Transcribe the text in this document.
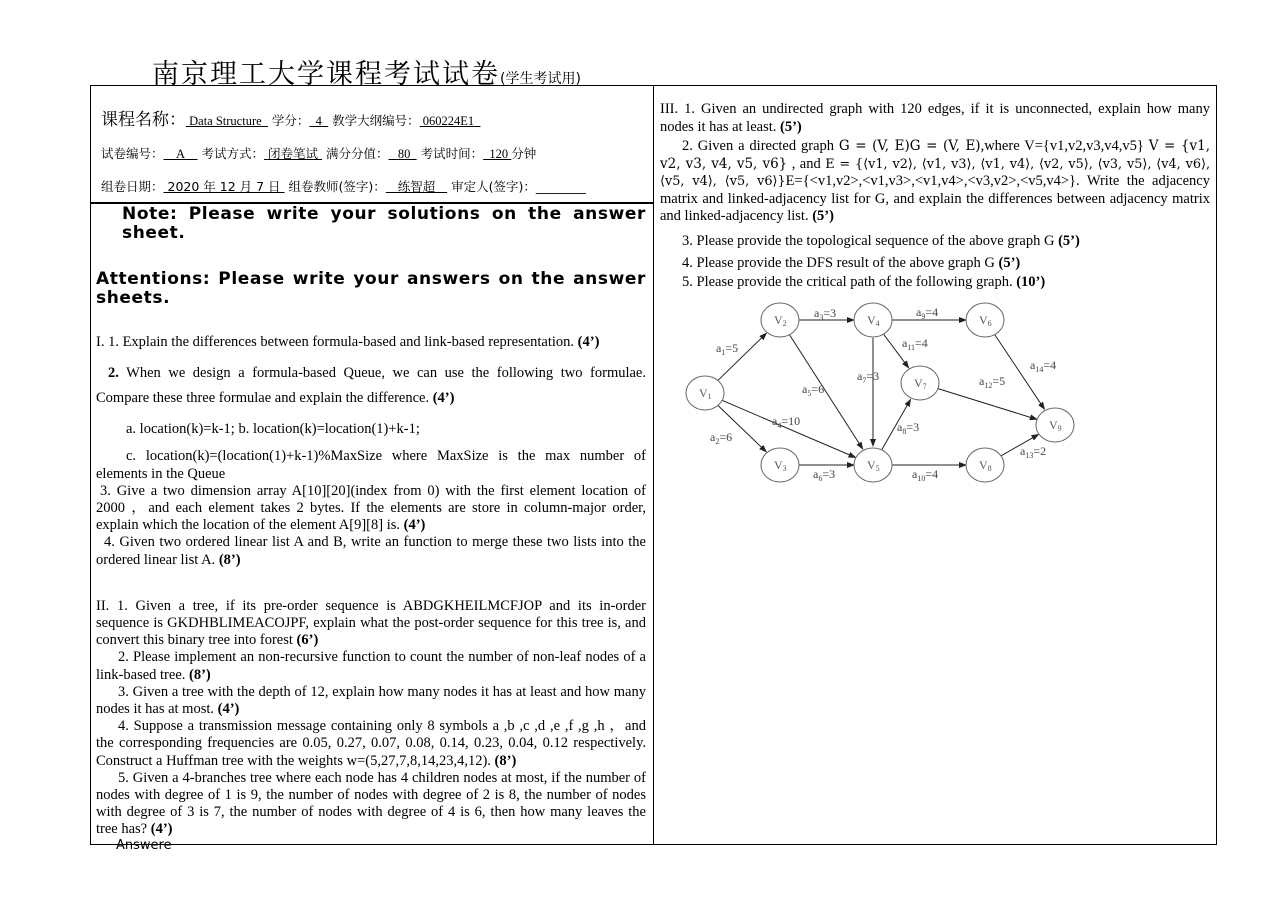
南京理工大学课程考试试卷(学生考试用)
课程名称： Data Structure 学分： 4 教学大纲编号： 060224E1
试卷编号： A 考试方式： 闭卷笔试 满分分值： 80 考试时间： 120 分钟
组卷日期： 2020 年 12 月 7 日 组卷教师(签字)： 练智超 审定人(签字)：________
Note: Please write your solutions on the answer sheet.
Attentions: Please write your answers on the answer sheets.

I. 1. Explain the differences between formula-based and link-based representation. (4’)

2. When we design a formula-based Queue, we can use the following two formulae. Compare these three formulae and explain the difference. (4’)

a. location(k)=k-1; b. location(k)=location(1)+k-1;

c. location(k)=(location(1)+k-1)%MaxSize where MaxSize is the max number of elements in the Queue

3. Give a two dimension array A[10][20](index from 0) with the first element location of 2000 ，and each element takes 2 bytes. If the elements are store in column-major order, explain which the location of the element A[9][8] is. (4’)

4. Given two ordered linear list A and B, write an function to merge these two lists into the ordered linear list A. (8’)

II. 1. Given a tree, if its pre-order sequence is ABDGKHEILMCFJOP and its in-order sequence is GKDHBLIMEACOJPF, explain what the post-order sequence for this tree is, and convert this binary tree into forest (6’)

2. Please implement an non-recursive function to count the number of non-leaf nodes of a link-based tree. (8’)

3. Given a tree with the depth of 12, explain how many nodes it has at least and how many nodes it has at most. (4’)

4. Suppose a transmission message containing only 8 symbols a ,b ,c ,d ,e ,f ,g ,h ，and the corresponding frequencies are 0.05, 0.27, 0.07, 0.08, 0.14, 0.23, 0.04, 0.12 respectively. Construct a Huffman tree with the weights w=(5,27,7,8,14,23,4,12). (8’)

5. Given a 4-branches tree where each node has 4 children nodes at most, if the number of nodes with degree of 1 is 9, the number of nodes with degree of 2 is 8, the number of nodes with degree of 3 is 7, the number of nodes with degree of 4 is 6, then how many leaves the tree has? (4’)

Answere

III. 1. Given an undirected graph with 120 edges, if it is unconnected, explain how many nodes it has at least. (5’)

2. Given a directed graph G = (V, E)G = (V, E),where V={v1,v2,v3,v4,v5} V = {v1, v2, v3, v4, v5, v6} , and E = {⟨v1, v2⟩, ⟨v1, v3⟩, ⟨v1, v4⟩, ⟨v2, v5⟩, ⟨v3, v5⟩, ⟨v4, v6⟩, ⟨v5, v4⟩, ⟨v5, v6⟩}E={<v1,v2>,<v1,v3>,<v1,v4>,<v3,v2>,<v5,v4>}. Write the adjacency matrix and linked-adjacency list for G, and explain the differences between adjacency matrix and linked-adjacency list. (5’)

3. Please provide the topological sequence of the above graph G (5’)

4. Please provide the DFS result of the above graph G (5’)

5. Please provide the critical path of the following graph. (10’)

V1
V2
V3
V4
V5
V6
V7
V8
V9
$a_1=5$
$a_2=6$
$a_3=3$
$a_4=10$
$a_5=6$
$a_6=3$
$a_7=3$
$a_8=3$
$a_9=4$
$a_{10}=4$
$a_{11}=4$
$a_{12}=5$
$a_{13}=2$
$a_{14}=4$
